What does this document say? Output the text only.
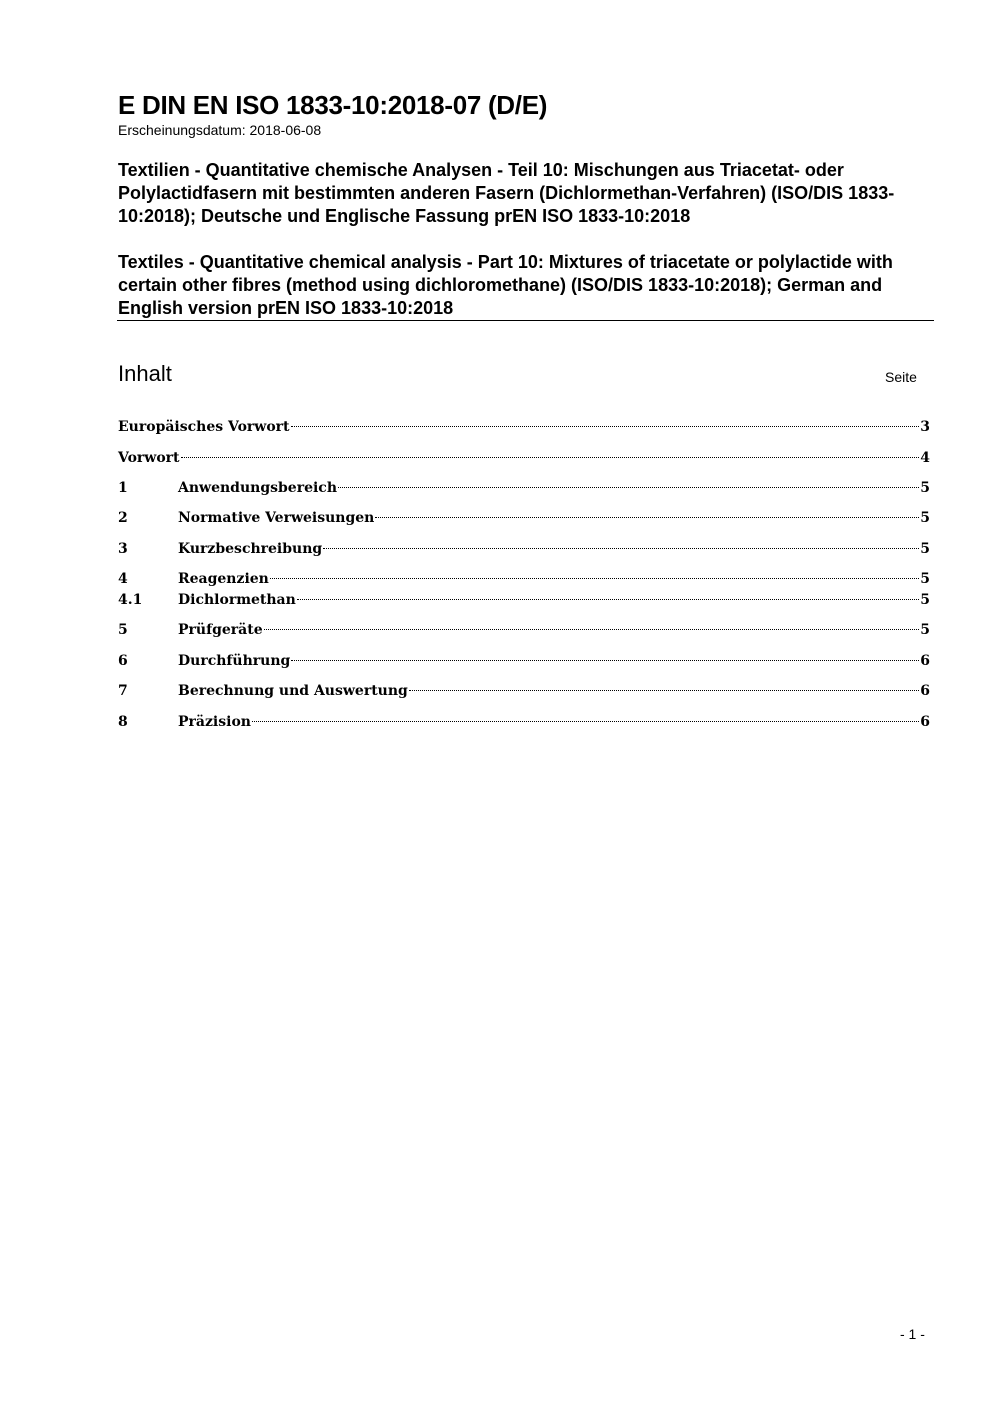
E DIN EN ISO 1833-10:2018-07 (D/E)
Erscheinungsdatum: 2018-06-08
Textilien - Quantitative chemische Analysen - Teil 10: Mischungen aus Triacetat- oder Polylactidfasern mit bestimmten anderen Fasern (Dichlormethan-Verfahren) (ISO/DIS 1833-10:2018); Deutsche und Englische Fassung prEN ISO 1833-10:2018
Textiles - Quantitative chemical analysis - Part 10: Mixtures of triacetate or polylactide with certain other fibres (method using dichloromethane) (ISO/DIS 1833-10:2018); German and English version prEN ISO 1833-10:2018
Inhalt	Seite
Europäisches Vorwort	3
Vorwort	4
1	Anwendungsbereich	5
2	Normative Verweisungen	5
3	Kurzbeschreibung	5
4	Reagenzien	5
4.1	Dichlormethan	5
5	Prüfgeräte	5
6	Durchführung	6
7	Berechnung und Auswertung	6
8	Präzision	6
- 1 -
